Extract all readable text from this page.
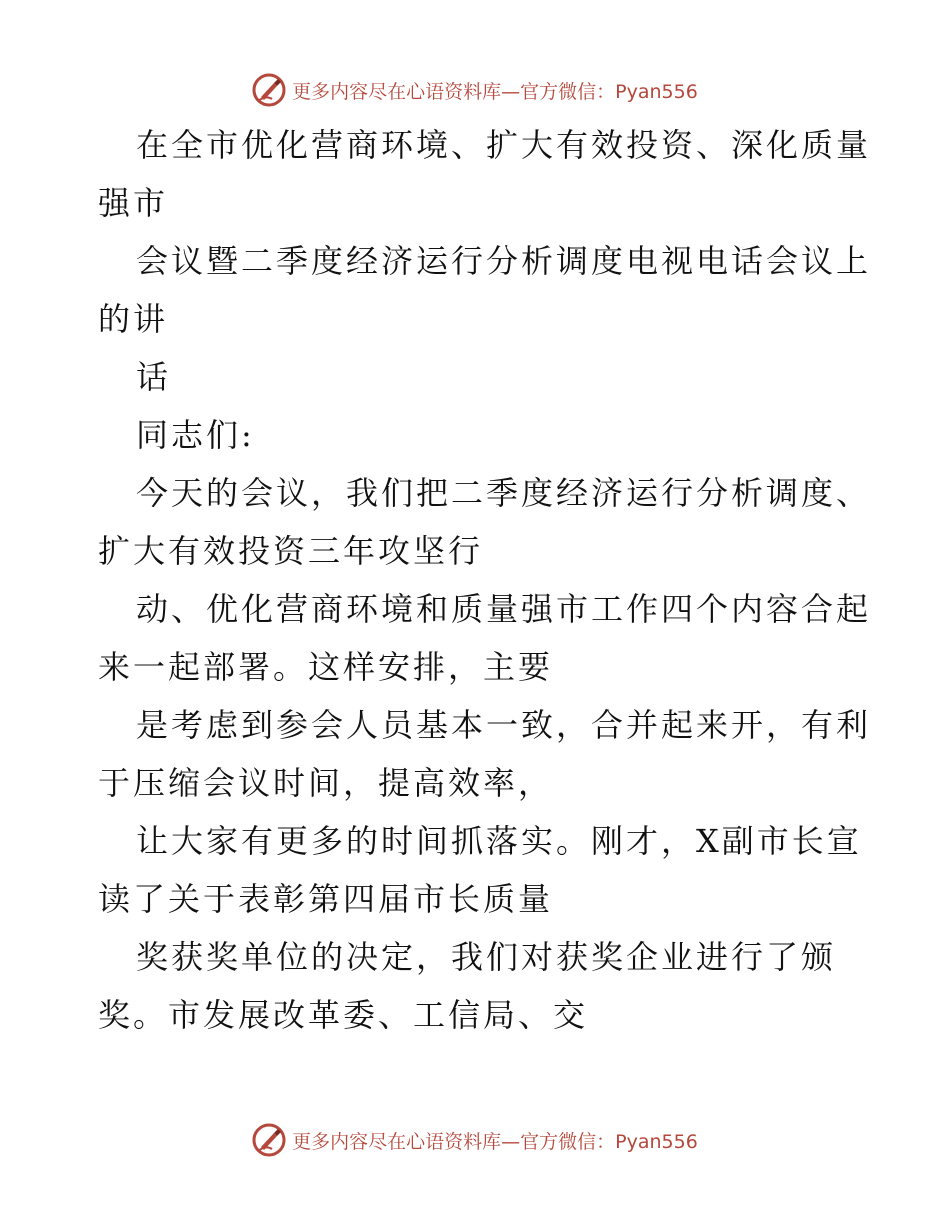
更多内容尽在心语资料库—官方微信：Pyan556
在全市优化营商环境、扩大有效投资、深化质量
强市
会议暨二季度经济运行分析调度电视电话会议上
的讲
话
同志们:
今天的会议，我们把二季度经济运行分析调度、
扩大有效投资三年攻坚行
动、优化营商环境和质量强市工作四个内容合起
来一起部署。这样安排，主要
是考虑到参会人员基本一致，合并起来开，有利
于压缩会议时间，提高效率，
让大家有更多的时间抓落实。刚才，X副市长宣
读了关于表彰第四届市长质量
奖获奖单位的决定，我们对获奖企业进行了颁
奖。市发展改革委、工信局、交
更多内容尽在心语资料库—官方微信：Pyan556
